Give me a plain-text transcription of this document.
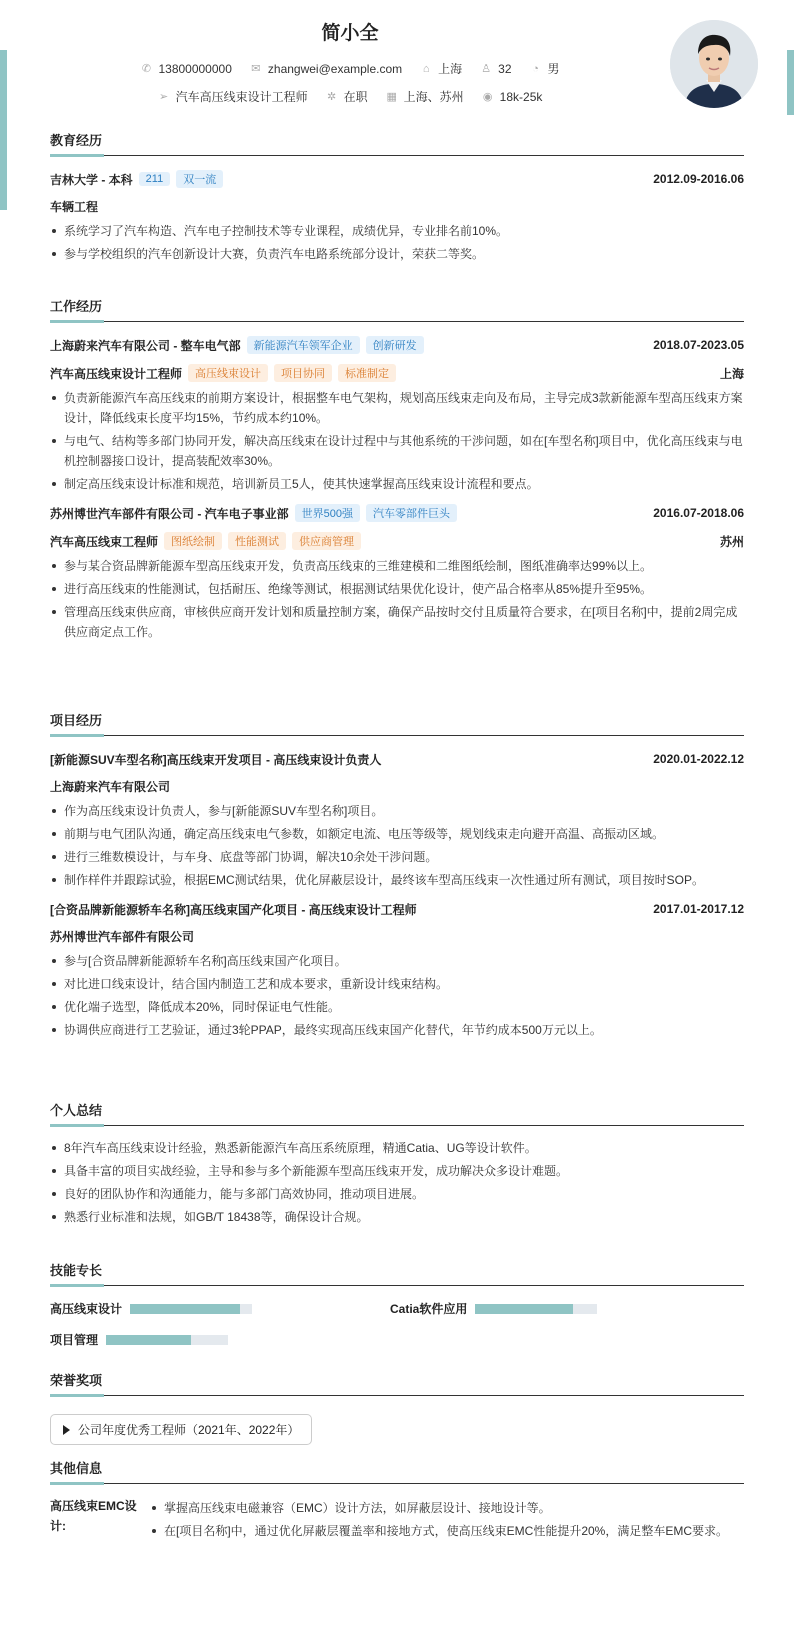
简小全
✆ 13800000000 ✉ zhangwei@example.com ⌂ 上海 ♙ 32 ◔ 男
➢ 汽车高压线束设计工程师 ✲ 在职 ▦ 上海、苏州 ◉ 18k-25k
教育经历
吉林大学 - 本科	211	双一流	2012.09-2016.06
车辆工程
系统学习了汽车构造、汽车电子控制技术等专业课程，成绩优异，专业排名前10%。
参与学校组织的汽车创新设计大赛，负责汽车电路系统部分设计，荣获二等奖。
工作经历
上海蔚来汽车有限公司 - 整车电气部	新能源汽车领军企业	创新研发	2018.07-2023.05
汽车高压线束设计工程师	高压线束设计	项目协同	标准制定	上海
负责新能源汽车高压线束的前期方案设计，根据整车电气架构，规划高压线束走向及布局，主导完成3款新能源车型高压线束方案设计，降低线束长度平均15%，节约成本约10%。
与电气、结构等多部门协同开发，解决高压线束在设计过程中与其他系统的干涉问题，如在[车型名称]项目中，优化高压线束与电机控制器接口设计，提高装配效率30%。
制定高压线束设计标准和规范，培训新员工5人，使其快速掌握高压线束设计流程和要点。
苏州博世汽车部件有限公司 - 汽车电子事业部	世界500强	汽车零部件巨头	2016.07-2018.06
汽车高压线束工程师	图纸绘制	性能测试	供应商管理	苏州
参与某合资品牌新能源车型高压线束开发，负责高压线束的三维建模和二维图纸绘制，图纸准确率达99%以上。
进行高压线束的性能测试，包括耐压、绝缘等测试，根据测试结果优化设计，使产品合格率从85%提升至95%。
管理高压线束供应商，审核供应商开发计划和质量控制方案，确保产品按时交付且质量符合要求，在[项目名称]中，提前2周完成供应商定点工作。
项目经历
[新能源SUV车型名称]高压线束开发项目 - 高压线束设计负责人	2020.01-2022.12
上海蔚来汽车有限公司
作为高压线束设计负责人，参与[新能源SUV车型名称]项目。
前期与电气团队沟通，确定高压线束电气参数，如额定电流、电压等级等，规划线束走向避开高温、高振动区域。
进行三维数模设计，与车身、底盘等部门协调，解决10余处干涉问题。
制作样件并跟踪试验，根据EMC测试结果，优化屏蔽层设计，最终该车型高压线束一次性通过所有测试，项目按时SOP。
[合资品牌新能源轿车名称]高压线束国产化项目 - 高压线束设计工程师	2017.01-2017.12
苏州博世汽车部件有限公司
参与[合资品牌新能源轿车名称]高压线束国产化项目。
对比进口线束设计，结合国内制造工艺和成本要求，重新设计线束结构。
优化端子选型，降低成本20%，同时保证电气性能。
协调供应商进行工艺验证，通过3轮PPAP，最终实现高压线束国产化替代，年节约成本500万元以上。
个人总结
8年汽车高压线束设计经验，熟悉新能源汽车高压系统原理，精通Catia、UG等设计软件。
具备丰富的项目实战经验，主导和参与多个新能源车型高压线束开发，成功解决众多设计难题。
良好的团队协作和沟通能力，能与多部门高效协同，推动项目进展。
熟悉行业标准和法规，如GB/T 18438等，确保设计合规。
技能专长
高压线束设计	Catia软件应用
项目管理
荣誉奖项
公司年度优秀工程师（2021年、2022年）
其他信息
高压线束EMC设计:
掌握高压线束电磁兼容（EMC）设计方法，如屏蔽层设计、接地设计等。
在[项目名称]中，通过优化屏蔽层覆盖率和接地方式，使高压线束EMC性能提升20%，满足整车EMC要求。
